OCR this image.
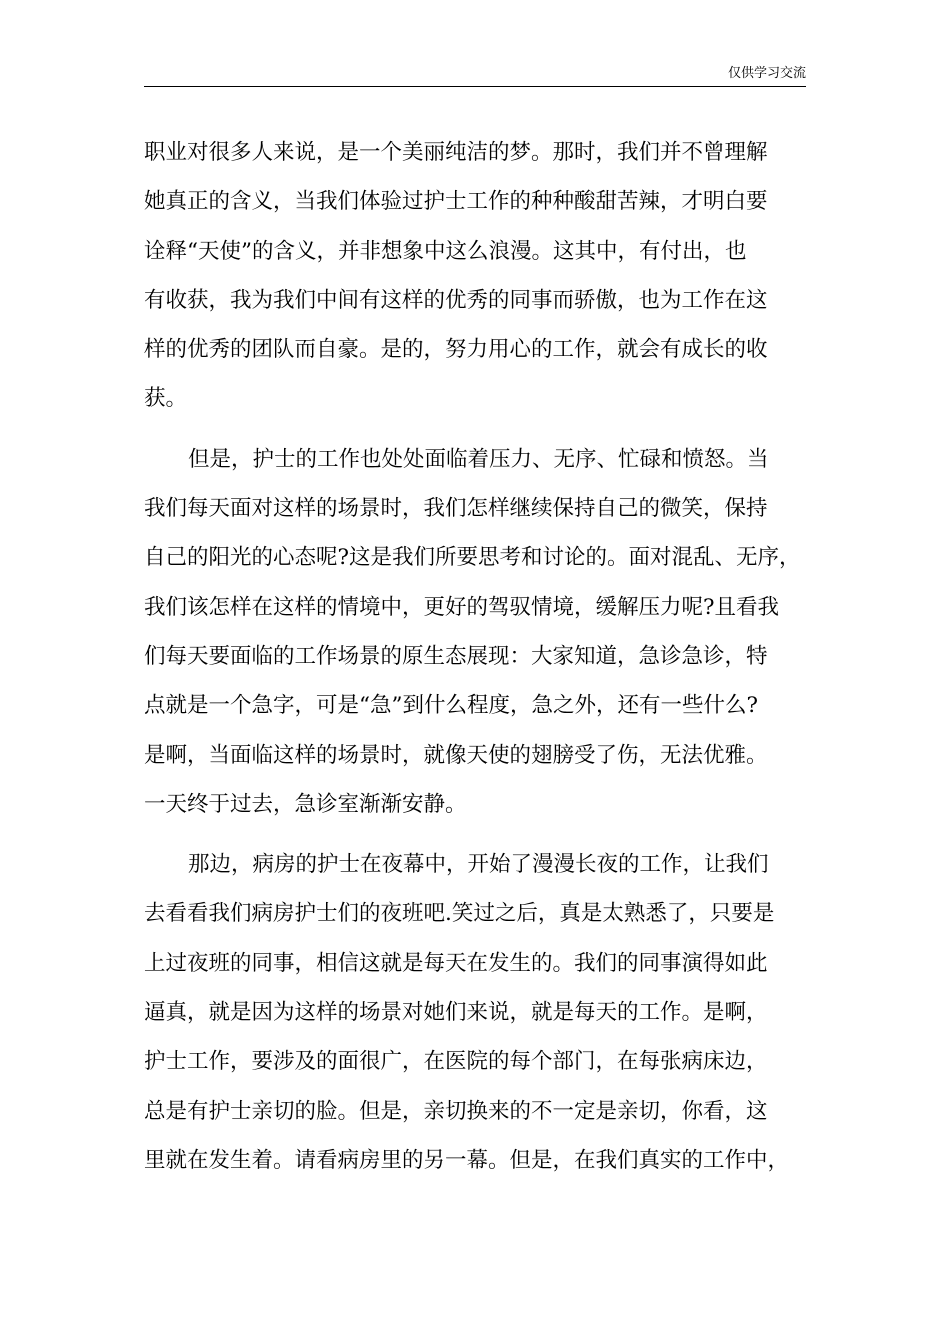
仅供学习交流
职业对很多人来说，是一个美丽纯洁的梦。那时，我们并不曾理解
她真正的含义，当我们体验过护士工作的种种酸甜苦辣，才明白要
诠释“天使”的含义，并非想象中这么浪漫。这其中，有付出，也
有收获，我为我们中间有这样的优秀的同事而骄傲，也为工作在这
样的优秀的团队而自豪。是的，努力用心的工作，就会有成长的收
获。
但是，护士的工作也处处面临着压力、无序、忙碌和愤怒。当
我们每天面对这样的场景时，我们怎样继续保持自己的微笑，保持
自己的阳光的心态呢?这是我们所要思考和讨论的。面对混乱、无序，
我们该怎样在这样的情境中，更好的驾驭情境，缓解压力呢?且看我
们每天要面临的工作场景的原生态展现：大家知道，急诊急诊，特
点就是一个急字，可是“急”到什么程度，急之外，还有一些什么?
是啊，当面临这样的场景时，就像天使的翅膀受了伤，无法优雅。
一天终于过去，急诊室渐渐安静。
那边，病房的护士在夜幕中，开始了漫漫长夜的工作，让我们
去看看我们病房护士们的夜班吧.笑过之后，真是太熟悉了，只要是
上过夜班的同事，相信这就是每天在发生的。我们的同事演得如此
逼真，就是因为这样的场景对她们来说，就是每天的工作。是啊，
护士工作，要涉及的面很广，在医院的每个部门，在每张病床边，
总是有护士亲切的脸。但是，亲切换来的不一定是亲切，你看，这
里就在发生着。请看病房里的另一幕。但是，在我们真实的工作中，
